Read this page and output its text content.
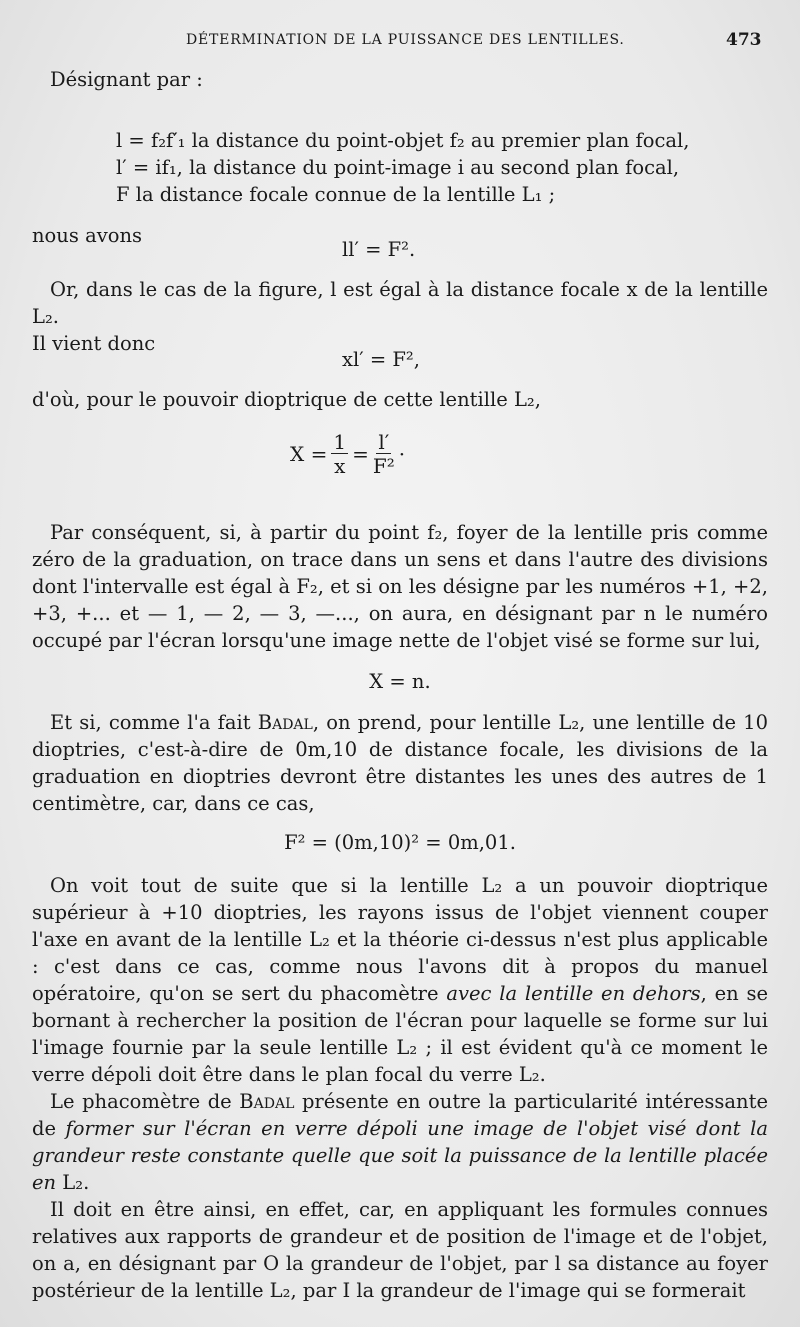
DÉTERMINATION DE LA PUISSANCE DES LENTILLES.	473

Désignant par :

l = f₂f′₁ la distance du point-objet f₂ au premier plan focal,
l′ = if₁, la distance du point-image i au second plan focal,
F la distance focale connue de la lentille L₁ ;
nous avons
ll′ = F².

Or, dans le cas de la figure, l est égal à la distance focale x de la lentille L₂.

Il vient donc
xl′ = F²,

d'où, pour le pouvoir dioptrique de cette lentille L₂,

$X = \frac{1}{x} = \frac{l'}{\text{F²}}$ ·

Par conséquent, si, à partir du point f₂, foyer de la lentille pris comme zéro de la graduation, on trace dans un sens et dans l'autre des divisions dont l'intervalle est égal à F₂, et si on les désigne par les numéros +1, +2, +3, +... et — 1, — 2, — 3, —..., on aura, en désignant par n le numéro occupé par l'écran lorsqu'une image nette de l'objet visé se forme sur lui,

X = n.

Et si, comme l'a fait Badal, on prend, pour lentille L₂, une lentille de 10 dioptries, c'est-à-dire de 0m,10 de distance focale, les divisions de la graduation en dioptries devront être distantes les unes des autres de 1 centimètre, car, dans ce cas,

F² = (0m,10)² = 0m,01.

On voit tout de suite que si la lentille L₂ a un pouvoir dioptrique supérieur à +10 dioptries, les rayons issus de l'objet viennent couper l'axe en avant de la lentille L₂ et la théorie ci-dessus n'est plus applicable : c'est dans ce cas, comme nous l'avons dit à propos du manuel opératoire, qu'on se sert du phacomètre avec la lentille en dehors, en se bornant à rechercher la position de l'écran pour laquelle se forme sur lui l'image fournie par la seule lentille L₂ ; il est évident qu'à ce moment le verre dépoli doit être dans le plan focal du verre L₂.

Le phacomètre de Badal présente en outre la particularité intéressante de former sur l'écran en verre dépoli une image de l'objet visé dont la grandeur reste constante quelle que soit la puissance de la lentille placée en L₂.

Il doit en être ainsi, en effet, car, en appliquant les formules connues relatives aux rapports de grandeur et de position de l'image et de l'objet, on a, en désignant par O la grandeur de l'objet, par l sa distance au foyer postérieur de la lentille L₂, par I la grandeur de l'image qui se formerait
